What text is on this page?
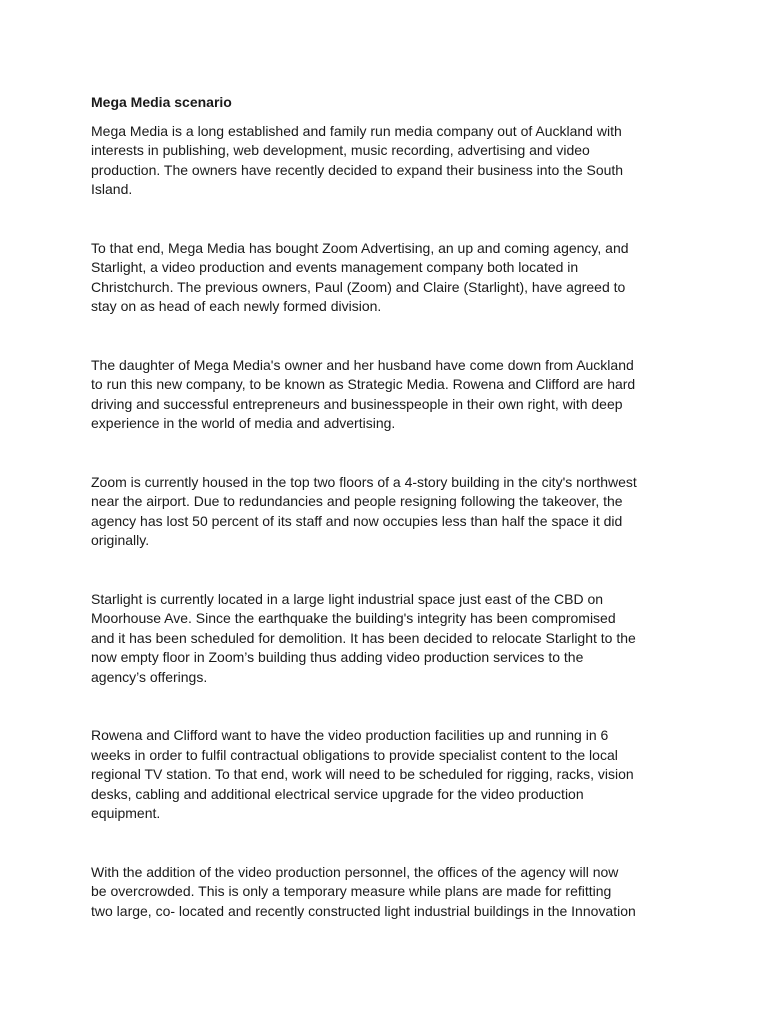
Mega Media scenario
Mega Media is a long established and family run media company out of Auckland with
interests in publishing, web development, music recording, advertising and video
production. The owners have recently decided to expand their business into the South
Island.
To that end, Mega Media has bought Zoom Advertising, an up and coming agency, and
Starlight, a video production and events management company both located in
Christchurch. The previous owners, Paul (Zoom) and Claire (Starlight), have agreed to
stay on as head of each newly formed division.
The daughter of Mega Media's owner and her husband have come down from Auckland
to run this new company, to be known as Strategic Media. Rowena and Clifford are hard
driving and successful entrepreneurs and businesspeople in their own right, with deep
experience in the world of media and advertising.
Zoom is currently housed in the top two floors of a 4-story building in the city's northwest
near the airport. Due to redundancies and people resigning following the takeover, the
agency has lost 50 percent of its staff and now occupies less than half the space it did
originally.
Starlight is currently located in a large light industrial space just east of the CBD on
Moorhouse Ave. Since the earthquake the building's integrity has been compromised
and it has been scheduled for demolition. It has been decided to relocate Starlight to the
now empty floor in Zoom’s building thus adding video production services to the
agency’s offerings.
Rowena and Clifford want to have the video production facilities up and running in 6
weeks in order to fulfil contractual obligations to provide specialist content to the local
regional TV station. To that end, work will need to be scheduled for rigging, racks, vision
desks, cabling and additional electrical service upgrade for the video production
equipment.
With the addition of the video production personnel, the offices of the agency will now
be overcrowded. This is only a temporary measure while plans are made for refitting
two large, co- located and recently constructed light industrial buildings in the Innovation
